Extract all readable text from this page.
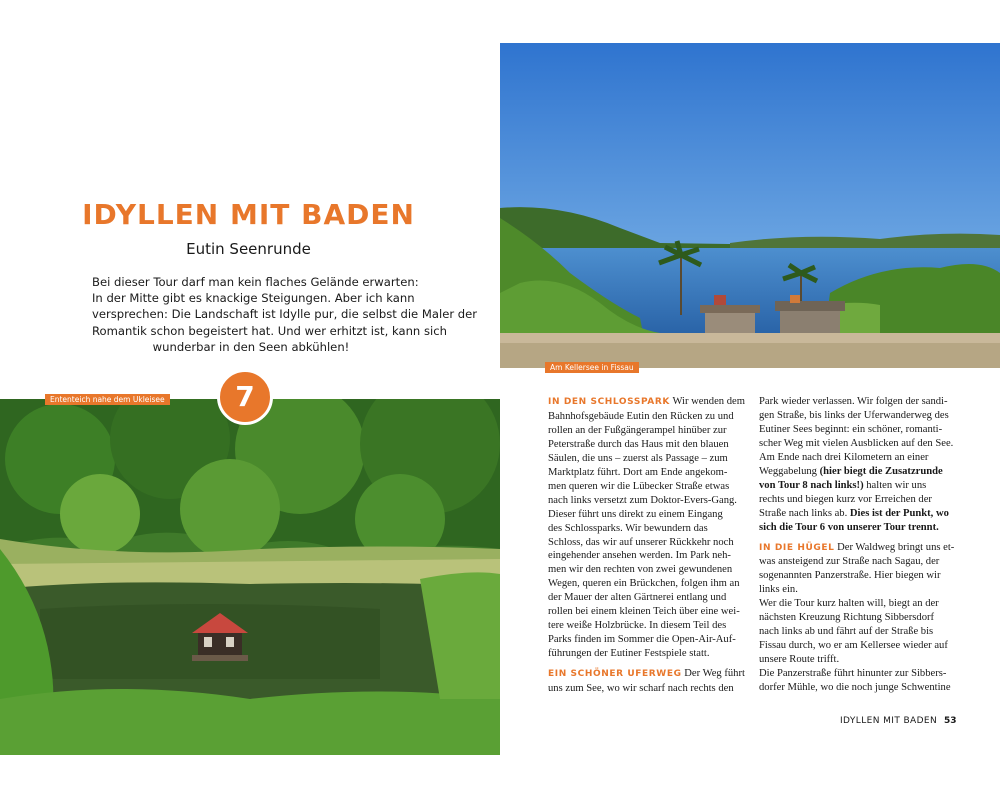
IDYLLEN MIT BADEN
Eutin Seenrunde

Bei dieser Tour darf man kein flaches Gelände erwarten:
In der Mitte gibt es knackige Steigungen. Aber ich kann
versprechen: Die Landschaft ist Idylle pur, die selbst die Maler der
Romantik schon begeistert hat. Und wer erhitzt ist, kann sich
wunderbar in den Seen abkühlen!

Am Kellersee in Fissau
Ententeich nahe dem Ukleisee	7	IN DEN SCHLOSSPARK Wir wenden dem
Bahnhofsgebäude Eutin den Rücken zu und
rollen an der Fußgängerampel hinüber zur
Peterstraße durch das Haus mit den blauen
Säulen, die uns – zuerst als Passage – zum
Marktplatz führt. Dort am Ende angekom-
men queren wir die Lübecker Straße etwas
nach links versetzt zum Doktor-Evers-Gang.
Dieser führt uns direkt zu einem Eingang
des Schlossparks. Wir bewundern das
Schloss, das wir auf unserer Rückkehr noch
eingehender ansehen werden. Im Park neh-
men wir den rechten von zwei gewundenen
Wegen, queren ein Brückchen, folgen ihm an
der Mauer der alten Gärtnerei entlang und
rollen bei einem kleinen Teich über eine wei-
tere weiße Holzbrücke. In diesem Teil des
Parks finden im Sommer die Open-Air-Auf-
führungen der Eutiner Festspiele statt.
EIN SCHÖNER UFERWEG Der Weg führt
uns zum See, wo wir scharf nach rechts den
Park wieder verlassen. Wir folgen der sandi-
gen Straße, bis links der Uferwanderweg des
Eutiner Sees beginnt: ein schöner, romanti-
scher Weg mit vielen Ausblicken auf den See.
Am Ende nach drei Kilometern an einer
Weggabelung (hier biegt die Zusatzrunde
von Tour 8 nach links!) halten wir uns
rechts und biegen kurz vor Erreichen der
Straße nach links ab. Dies ist der Punkt, wo
sich die Tour 6 von unserer Tour trennt.
IN DIE HÜGEL Der Waldweg bringt uns et-
was ansteigend zur Straße nach Sagau, der
sogenannten Panzerstraße. Hier biegen wir
links ein.
Wer die Tour kurz halten will, biegt an der
nächsten Kreuzung Richtung Sibbersdorf
nach links ab und fährt auf der Straße bis
Fissau durch, wo er am Kellersee wieder auf
unsere Route trifft.
Die Panzerstraße führt hinunter zur Sibbers-
dorfer Mühle, wo die noch junge Schwentine
IDYLLEN MIT BADEN 53
